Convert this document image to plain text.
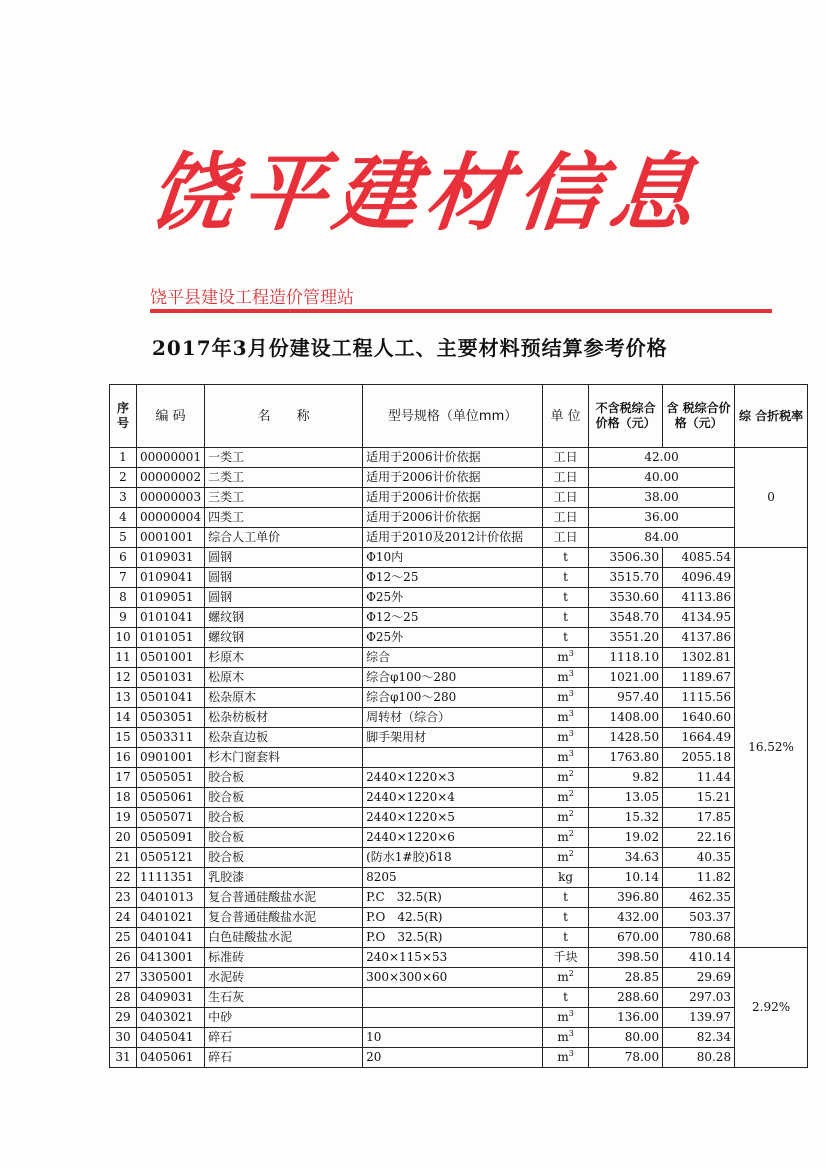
饶平建材信息
饶平县建设工程造价管理站
2017年3月份建设工程人工、主要材料预结算参考价格
序号	编 码	名　　称	型号规格（单位mm）	单 位	不含税综合价格（元）	含 税综合价格（元）	综 合折税率
1	00000001	一类工	适用于2006计价依据	工日	42.00		0
2	00000002	二类工	适用于2006计价依据	工日	40.00		
3	00000003	三类工	适用于2006计价依据	工日	38.00		
4	00000004	四类工	适用于2006计价依据	工日	36.00		
5	0001001	综合人工单价	适用于2010及2012计价依据	工日	84.00		
6	0109031	圆钢	Φ10内	t	3506.30	4085.54	16.52%
7	0109041	圆钢	Φ12～25	t	3515.70	4096.49	
8	0109051	圆钢	Φ25外	t	3530.60	4113.86	
9	0101041	螺纹钢	Φ12～25	t	3548.70	4134.95	
10	0101051	螺纹钢	Φ25外	t	3551.20	4137.86	
11	0501001	杉原木	综合	$m^3$	1118.10	1302.81	
12	0501031	松原木	综合φ100～280	$m^3$	1021.00	1189.67	
13	0501041	松杂原木	综合φ100～280	$m^3$	957.40	1115.56	
14	0503051	松杂枋板材	周转材（综合）	$m^3$	1408.00	1640.60	
15	0503311	松杂直边板	脚手架用材	$m^3$	1428.50	1664.49	
16	0901001	杉木门窗套料		$m^3$	1763.80	2055.18	
17	0505051	胶合板	2440×1220×3	$m^2$	9.82	11.44	
18	0505061	胶合板	2440×1220×4	$m^2$	13.05	15.21	
19	0505071	胶合板	2440×1220×5	$m^2$	15.32	17.85	
20	0505091	胶合板	2440×1220×6	$m^2$	19.02	22.16	
21	0505121	胶合板	(防水1#胶)δ18	$m^2$	34.63	40.35	
22	1111351	乳胶漆	8205	kg	10.14	11.82	
23	0401013	复合普通硅酸盐水泥	P.C　32.5(R)	t	396.80	462.35	
24	0401021	复合普通硅酸盐水泥	P.O　42.5(R)	t	432.00	503.37	
25	0401041	白色硅酸盐水泥	P.O　32.5(R)	t	670.00	780.68	
26	0413001	标准砖	240×115×53	千块	398.50	410.14	2.92%
27	3305001	水泥砖	300×300×60	$m^2$	28.85	29.69	
28	0409031	生石灰		t	288.60	297.03	
29	0403021	中砂		$m^3$	136.00	139.97	
30	0405041	碎石	10	$m^3$	80.00	82.34	
31	0405061	碎石	20	$m^3$	78.00	80.28	
